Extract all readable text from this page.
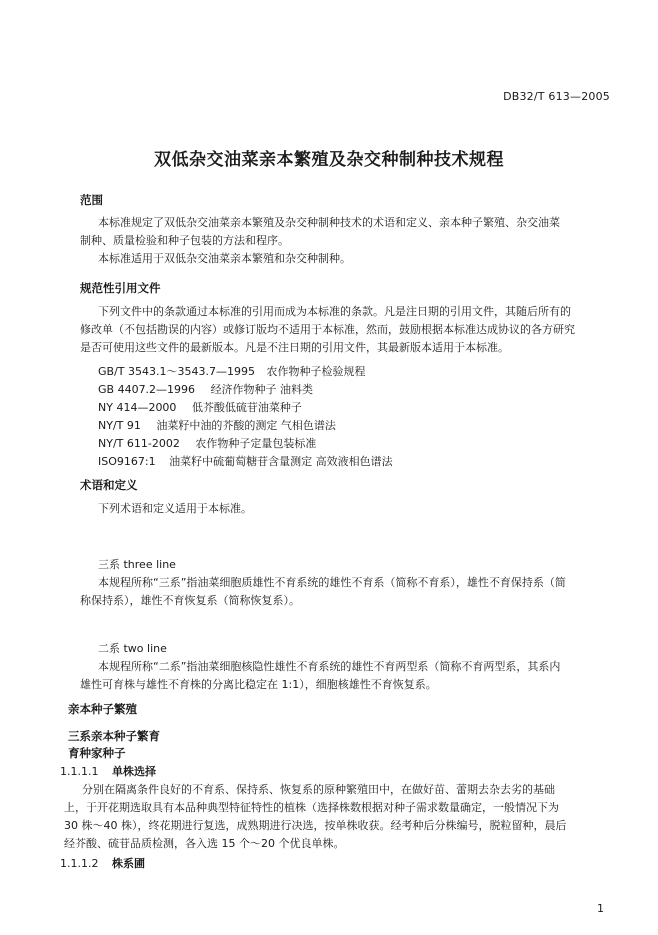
DB32/T 613—2005
双低杂交油菜亲本繁殖及杂交种制种技术规程
范围
本标准规定了双低杂交油菜亲本繁殖及杂交种制种技术的术语和定义、亲本种子繁殖、杂交油菜
制种、质量检验和种子包装的方法和程序。
本标准适用于双低杂交油菜亲本繁殖和杂交种制种。
规范性引用文件
下列文件中的条款通过本标准的引用而成为本标准的条款。凡是注日期的引用文件，其随后所有的
修改单（不包括勘误的内容）或修订版均不适用于本标准，然而，鼓励根据本标准达成协议的各方研究
是否可使用这些文件的最新版本。凡是不注日期的引用文件，其最新版本适用于本标准。
GB/T 3543.1～3543.7—1995 农作物种子检验规程
GB 4407.2—1996 经济作物种子 油料类
NY 414—2000 低芥酸低硫苷油菜种子
NY/T 91 油菜籽中油的芥酸的测定 气相色谱法
NY/T 611-2002 农作物种子定量包装标准
ISO9167:1 油菜籽中硫葡萄糖苷含量测定 高效液相色谱法
术语和定义
下列术语和定义适用于本标准。
三系 three line
本规程所称“三系”指油菜细胞质雄性不育系统的雄性不育系（简称不育系），雄性不育保持系（简
称保持系），雄性不育恢复系（简称恢复系）。
二系 two line
本规程所称“二系”指油菜细胞核隐性雄性不育系统的雄性不育两型系（简称不育两型系，其系内
雄性可育株与雄性不育株的分离比稳定在 1:1），细胞核雄性不育恢复系。
亲本种子繁殖
三系亲本种子繁育
育种家种子
1.1.1.1 单株选择
分别在隔离条件良好的不育系、保持系、恢复系的原种繁殖田中，在做好苗、蕾期去杂去劣的基础
上，于开花期选取具有本品种典型特征特性的植株（选择株数根据对种子需求数量确定，一般情况下为
30 株～40 株），终花期进行复选，成熟期进行决选，按单株收获。经考种后分株编号，脱粒留种，晨后
经芥酸、硫苷品质检测，各入选 15 个～20 个优良单株。
1.1.1.2 株系圃
1
